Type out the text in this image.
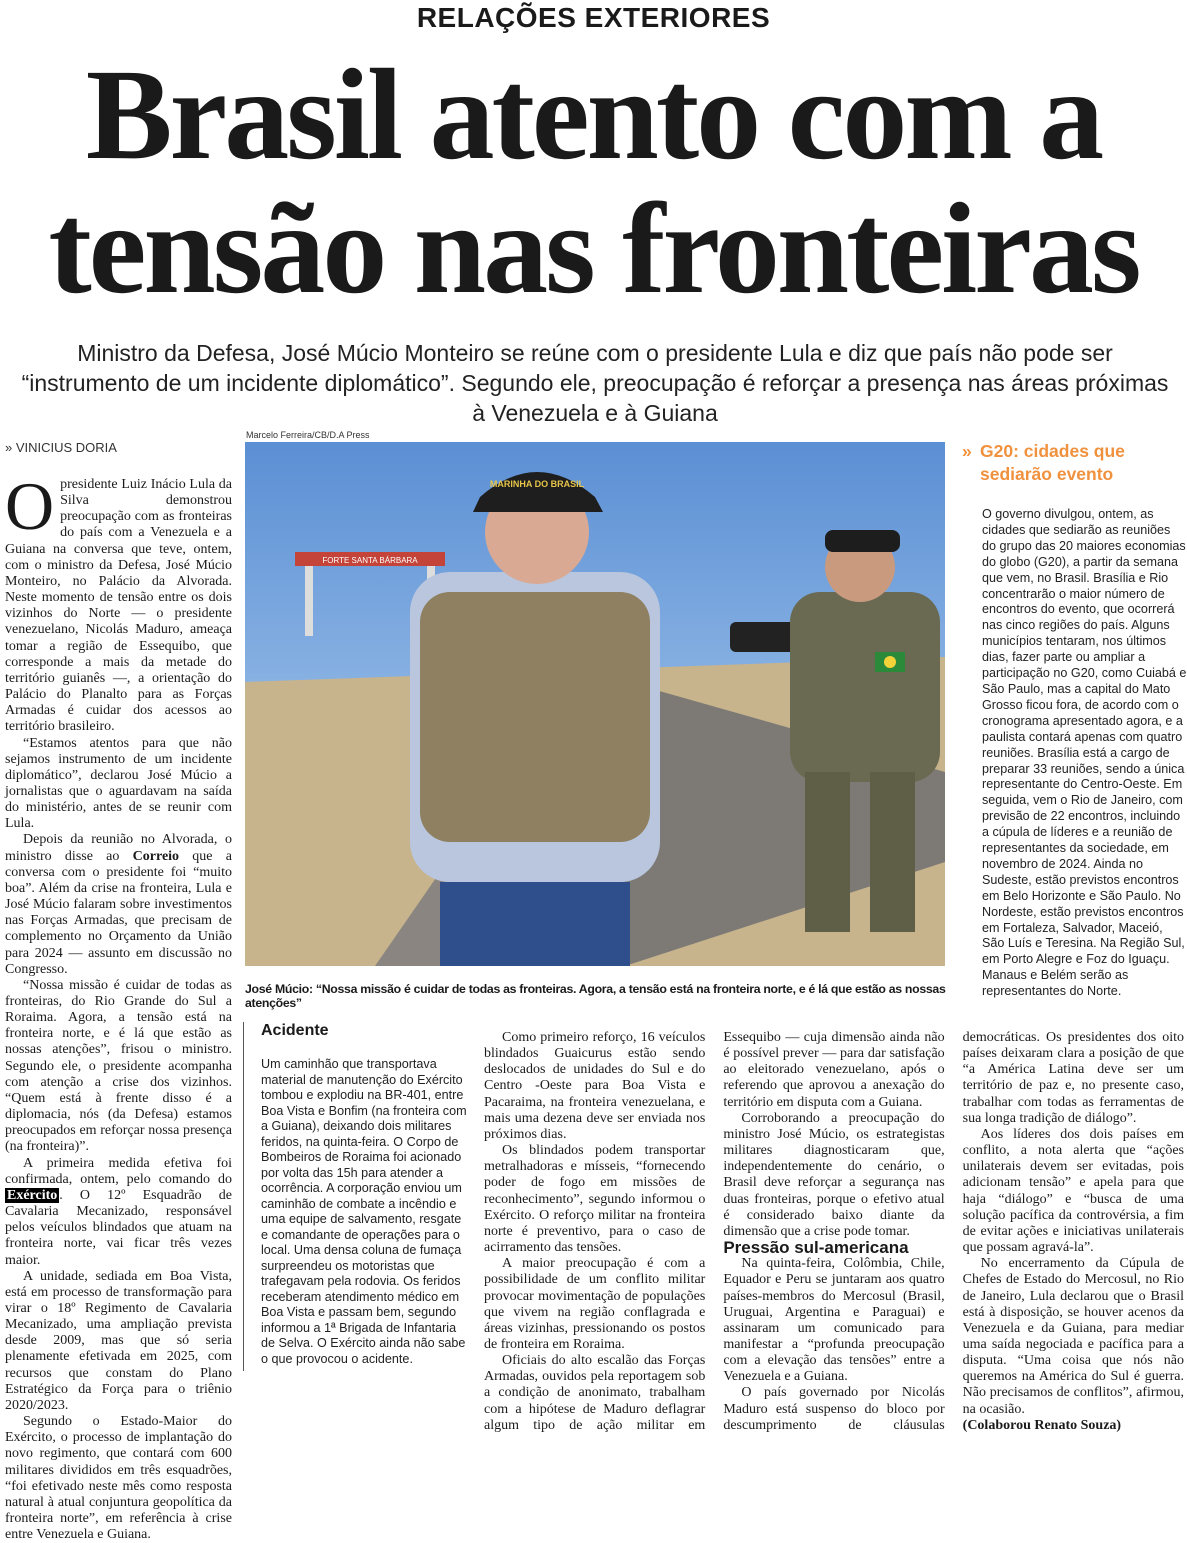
RELAÇÕES EXTERIORES
Brasil atento com a
tensão nas fronteiras
Ministro da Defesa, José Múcio Monteiro se reúne com o presidente Lula e diz que país não pode ser “instrumento de um incidente diplomático”. Segundo ele, preocupação é reforçar a presença nas áreas próximas à Venezuela e à Guiana
» VINICIUS DORIA
Marcelo Ferreira/CB/D.A Press
FORTE SANTA BÁRBARA
MARINHA DO BRASIL
José Múcio: “Nossa missão é cuidar de todas as fronteiras. Agora, a tensão está na fronteira norte, e é lá que estão as nossas atenções”

Opresidente Luiz Inácio Lula da Silva demonstrou preocupação com as fronteiras do país com a Venezuela e a Guiana na conversa que teve, ontem, com o ministro da Defesa, José Múcio Monteiro, no Palácio da Alvorada. Neste momento de tensão entre os dois vizinhos do Norte — o presidente venezuelano, Nicolás Maduro, ameaça tomar a região de Essequibo, que corresponde a mais da metade do território guianês —, a orientação do Palácio do Planalto para as Forças Armadas é cuidar dos acessos ao território brasileiro.

“Estamos atentos para que não sejamos instrumento de um incidente diplomático”, declarou José Múcio a jornalistas que o aguardavam na saída do ministério, antes de se reunir com Lula.

Depois da reunião no Alvorada, o ministro disse ao Correio que a conversa com o presidente foi “muito boa”. Além da crise na fronteira, Lula e José Múcio falaram sobre investimentos nas Forças Armadas, que precisam de complemento no Orçamento da União para 2024 — assunto em discussão no Congresso.

“Nossa missão é cuidar de todas as fronteiras, do Rio Grande do Sul a Roraima. Agora, a tensão está na fronteira norte, e é lá que estão as nossas atenções”, frisou o ministro. Segundo ele, o presidente acompanha com atenção a crise dos vizinhos. “Quem está à frente disso é a diplomacia, nós (da Defesa) estamos preocupados em reforçar nossa presença (na fronteira)”.

A primeira medida efetiva foi confirmada, ontem, pelo comando do Exército . O 12º Esquadrão de Cavalaria Mecanizado, responsável pelos veículos blindados que atuam na fronteira norte, vai ficar três vezes maior.

A unidade, sediada em Boa Vista, está em processo de transformação para virar o 18º Regimento de Cavalaria Mecanizado, uma ampliação prevista desde 2009, mas que só seria plenamente efetivada em 2025, com recursos que constam do Plano Estratégico da Força para o triênio 2020/2023.

Segundo o Estado-Maior do Exército, o processo de implantação do novo regimento, que contará com 600 militares divididos em três esquadrões, “foi efetivado neste mês como resposta natural à atual conjuntura geopolítica da fronteira norte”, em referência à crise entre Venezuela e Guiana.

» G20: cidades que sediarão evento
O governo divulgou, ontem, as cidades que sediarão as reuniões do grupo das 20 maiores economias do globo (G20), a partir da semana que vem, no Brasil. Brasília e Rio concentrarão o maior número de encontros do evento, que ocorrerá nas cinco regiões do país. Alguns municípios tentaram, nos últimos dias, fazer parte ou ampliar a participação no G20, como Cuiabá e São Paulo, mas a capital do Mato Grosso ficou fora, de acordo com o cronograma apresentado agora, e a paulista contará apenas com quatro reuniões. Brasília está a cargo de preparar 33 reuniões, sendo a única representante do Centro-Oeste. Em seguida, vem o Rio de Janeiro, com previsão de 22 encontros, incluindo a cúpula de líderes e a reunião de representantes da sociedade, em novembro de 2024. Ainda no Sudeste, estão previstos encontros em Belo Horizonte e São Paulo. No Nordeste, estão previstos encontros em Fortaleza, Salvador, Maceió, São Luís e Teresina. Na Região Sul, em Porto Alegre e Foz do Iguaçu. Manaus e Belém serão as representantes do Norte.
Acidente
Um caminhão que transportava material de manutenção do Exército tombou e explodiu na BR-401, entre Boa Vista e Bonfim (na fronteira com a Guiana), deixando dois militares feridos, na quinta-feira. O Corpo de Bombeiros de Roraima foi acionado por volta das 15h para atender a ocorrência. A corporação enviou um caminhão de combate a incêndio e uma equipe de salvamento, resgate e comandante de operações para o local. Uma densa coluna de fumaça surpreendeu os motoristas que trafegavam pela rodovia. Os feridos receberam atendimento médico em Boa Vista e passam bem, segundo informou a 1ª Brigada de Infantaria de Selva. O Exército ainda não sabe o que provocou o acidente.

Como primeiro reforço, 16 veículos blindados Guaicurus estão sendo deslocados de unidades do Sul e do Centro -Oeste para Boa Vista e Pacaraima, na fronteira venezuelana, e mais uma dezena deve ser enviada nos próximos dias.

Os blindados podem transportar metralhadoras e mísseis, “fornecendo poder de fogo em missões de reconhecimento”, segundo informou o Exército. O reforço militar na fronteira norte é preventivo, para o caso de acirramento das tensões.

A maior preocupação é com a possibilidade de um conflito militar provocar movimentação de populações que vivem na região conflagrada e áreas vizinhas, pressionando os postos de fronteira em Roraima.

Oficiais do alto escalão das Forças Armadas, ouvidos pela reportagem sob a condição de anonimato, trabalham com a hipótese de Maduro deflagrar algum tipo de ação militar em Essequibo — cuja dimensão ainda não é possível prever — para dar satisfação ao eleitorado venezuelano, após o referendo que aprovou a anexação do território em disputa com a Guiana.

Corroborando a preocupação do ministro José Múcio, os estrategistas militares diagnosticaram que, independentemente do cenário, o Brasil deve reforçar a segurança nas duas fronteiras, porque o efetivo atual é considerado baixo diante da dimensão que a crise pode tomar.

Pressão sul-americana

Na quinta-feira, Colômbia, Chile, Equador e Peru se juntaram aos quatro países-membros do Mercosul (Brasil, Uruguai, Argentina e Paraguai) e assinaram um comunicado para manifestar a “profunda preocupação com a elevação das tensões” entre a Venezuela e a Guiana.

O país governado por Nicolás Maduro está suspenso do bloco por descumprimento de cláusulas democráticas. Os presidentes dos oito países deixaram clara a posição de que “a América Latina deve ser um território de paz e, no presente caso, trabalhar com todas as ferramentas de sua longa tradição de diálogo”.

Aos líderes dos dois países em conflito, a nota alerta que “ações unilaterais devem ser evitadas, pois adicionam tensão” e apela para que haja “diálogo” e “busca de uma solução pacífica da controvérsia, a fim de evitar ações e iniciativas unilaterais que possam agravá-la”.

No encerramento da Cúpula de Chefes de Estado do Mercosul, no Rio de Janeiro, Lula declarou que o Brasil está à disposição, se houver acenos da Venezuela e da Guiana, para mediar uma saída negociada e pacífica para a disputa. “Uma coisa que nós não queremos na América do Sul é guerra. Não precisamos de conflitos”, afirmou, na ocasião.

(Colaborou Renato Souza)
